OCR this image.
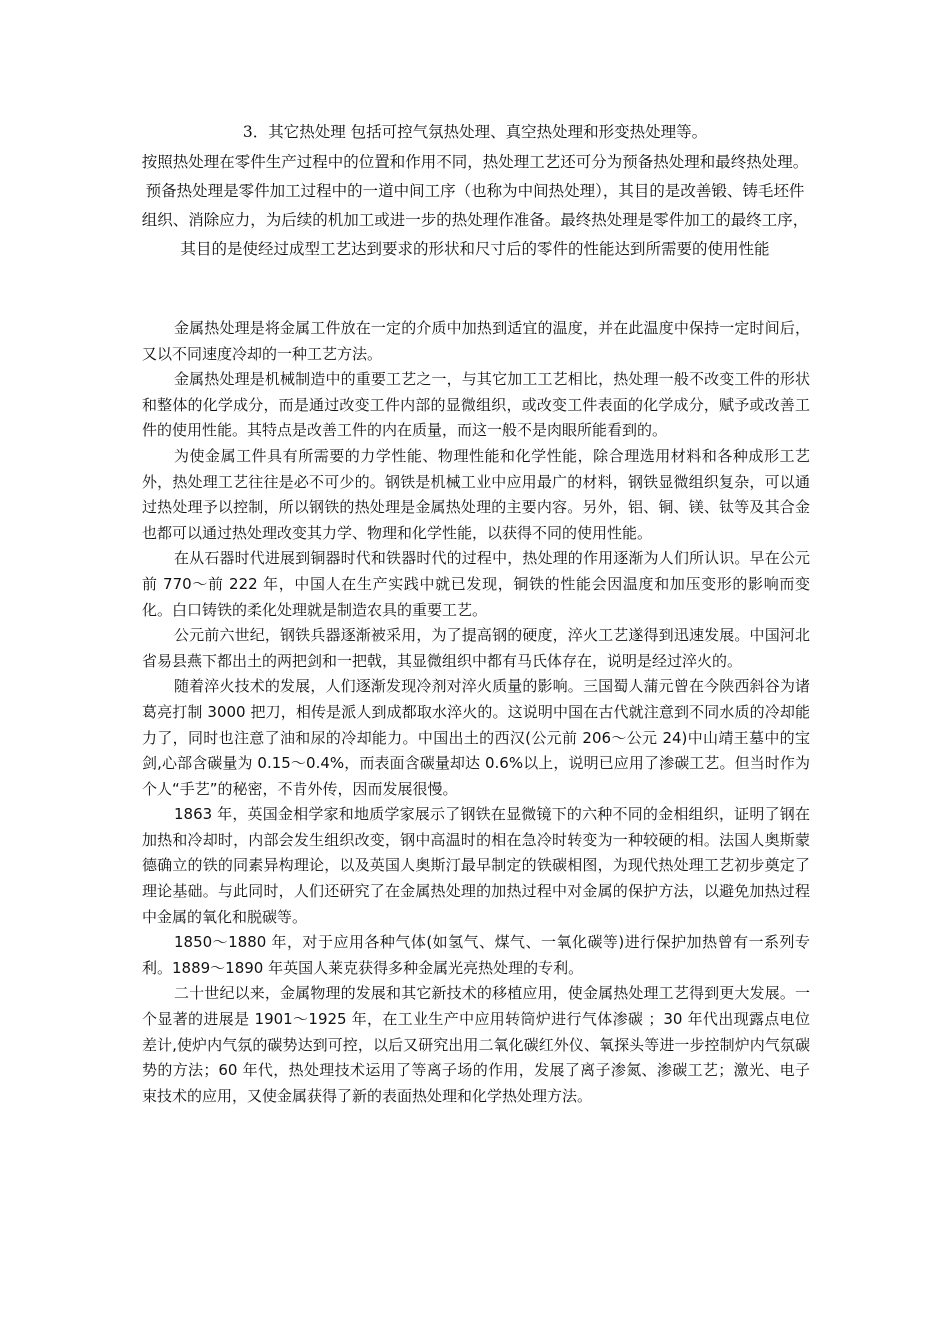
3．其它热处理 包括可控气氛热处理、真空热处理和形变热处理等。

按照热处理在零件生产过程中的位置和作用不同，热处理工艺还可分为预备热处理和最终热处理。预备热处理是零件加工过程中的一道中间工序（也称为中间热处理），其目的是改善锻、铸毛坯件组织、消除应力，为后续的机加工或进一步的热处理作准备。最终热处理是零件加工的最终工序，其目的是使经过成型工艺达到要求的形状和尺寸后的零件的性能达到所需要的使用性能

金属热处理是将金属工件放在一定的介质中加热到适宜的温度，并在此温度中保持一定时间后，又以不同速度冷却的一种工艺方法。

金属热处理是机械制造中的重要工艺之一，与其它加工工艺相比，热处理一般不改变工件的形状和整体的化学成分，而是通过改变工件内部的显微组织，或改变工件表面的化学成分，赋予或改善工件的使用性能。其特点是改善工件的内在质量，而这一般不是肉眼所能看到的。

为使金属工件具有所需要的力学性能、物理性能和化学性能，除合理选用材料和各种成形工艺外，热处理工艺往往是必不可少的。钢铁是机械工业中应用最广的材料，钢铁显微组织复杂，可以通过热处理予以控制，所以钢铁的热处理是金属热处理的主要内容。另外，铝、铜、镁、钛等及其合金也都可以通过热处理改变其力学、物理和化学性能，以获得不同的使用性能。

在从石器时代进展到铜器时代和铁器时代的过程中，热处理的作用逐渐为人们所认识。早在公元前 770～前 222 年，中国人在生产实践中就已发现，铜铁的性能会因温度和加压变形的影响而变化。白口铸铁的柔化处理就是制造农具的重要工艺。

公元前六世纪，钢铁兵器逐渐被采用，为了提高钢的硬度，淬火工艺遂得到迅速发展。中国河北省易县燕下都出土的两把剑和一把戟，其显微组织中都有马氏体存在，说明是经过淬火的。

随着淬火技术的发展，人们逐渐发现冷剂对淬火质量的影响。三国蜀人蒲元曾在今陕西斜谷为诸葛亮打制 3000 把刀，相传是派人到成都取水淬火的。这说明中国在古代就注意到不同水质的冷却能力了，同时也注意了油和尿的冷却能力。中国出土的西汉(公元前 206～公元 24)中山靖王墓中的宝剑,心部含碳量为 0.15～0.4%，而表面含碳量却达 0.6%以上，说明已应用了渗碳工艺。但当时作为个人“手艺”的秘密，不肯外传，因而发展很慢。

1863 年，英国金相学家和地质学家展示了钢铁在显微镜下的六种不同的金相组织，证明了钢在加热和冷却时，内部会发生组织改变，钢中高温时的相在急冷时转变为一种较硬的相。法国人奥斯蒙德确立的铁的同素异构理论，以及英国人奥斯汀最早制定的铁碳相图，为现代热处理工艺初步奠定了理论基础。与此同时，人们还研究了在金属热处理的加热过程中对金属的保护方法，以避免加热过程中金属的氧化和脱碳等。

1850～1880 年，对于应用各种气体(如氢气、煤气、一氧化碳等)进行保护加热曾有一系列专利。1889～1890 年英国人莱克获得多种金属光亮热处理的专利。

二十世纪以来，金属物理的发展和其它新技术的移植应用，使金属热处理工艺得到更大发展。一个显著的进展是 1901～1925 年，在工业生产中应用转筒炉进行气体渗碳 ；30 年代出现露点电位差计,使炉内气氛的碳势达到可控，以后又研究出用二氧化碳红外仪、氧探头等进一步控制炉内气氛碳势的方法；60 年代，热处理技术运用了等离子场的作用，发展了离子渗氮、渗碳工艺；激光、电子束技术的应用，又使金属获得了新的表面热处理和化学热处理方法。
